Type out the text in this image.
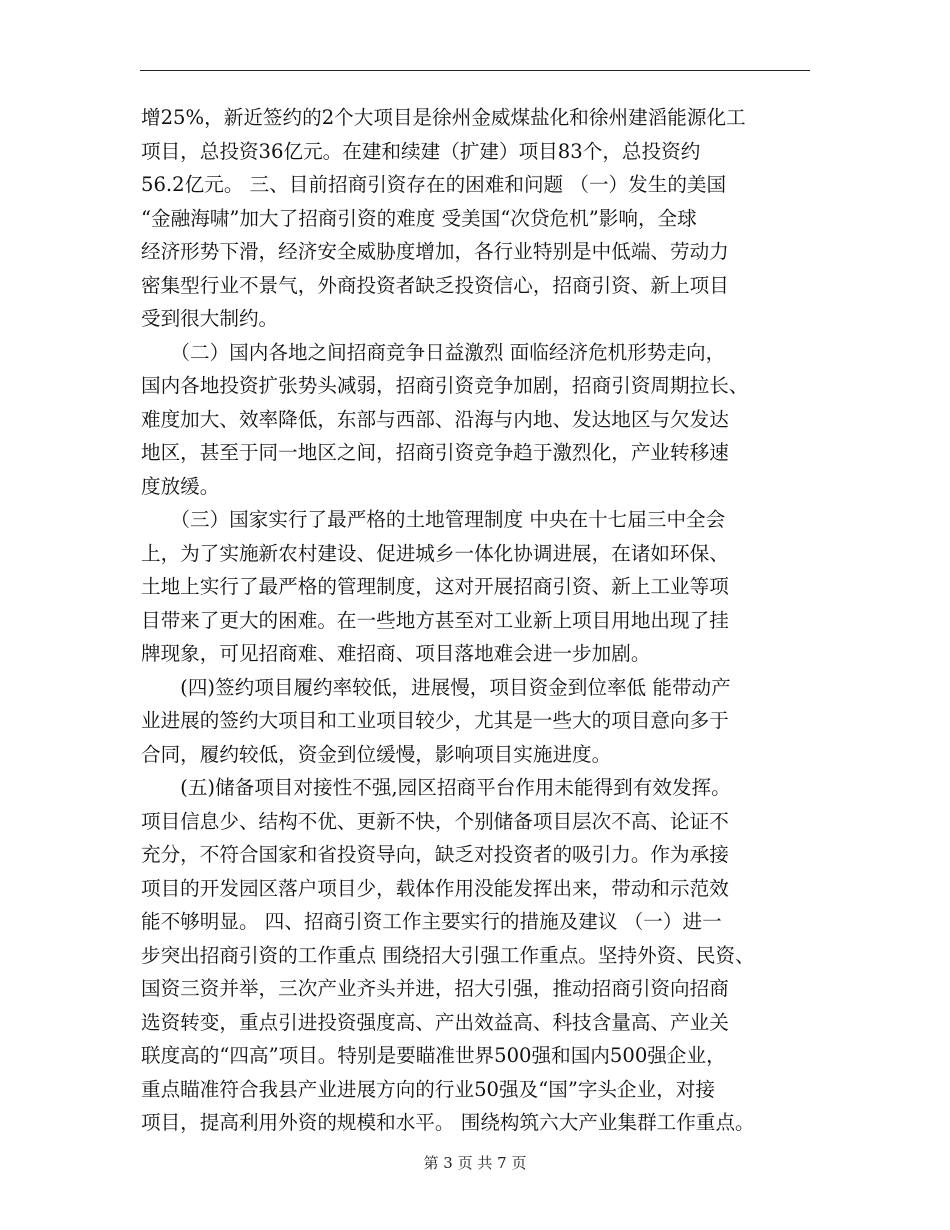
增25%，新近签约的2个大项目是徐州金威煤盐化和徐州建滔能源化工
项目，总投资36亿元。在建和续建（扩建）项目83个，总投资约
56.2亿元。 三、目前招商引资存在的困难和问题 （一）发生的美国
“金融海啸”加大了招商引资的难度 受美国“次贷危机”影响，全球
经济形势下滑，经济安全威胁度增加，各行业特别是中低端、劳动力
密集型行业不景气，外商投资者缺乏投资信心，招商引资、新上项目
受到很大制约。
　　（二）国内各地之间招商竞争日益激烈 面临经济危机形势走向，
国内各地投资扩张势头减弱，招商引资竞争加剧，招商引资周期拉长、
难度加大、效率降低，东部与西部、沿海与内地、发达地区与欠发达
地区，甚至于同一地区之间，招商引资竞争趋于激烈化，产业转移速
度放缓。
　　（三）国家实行了最严格的土地管理制度 中央在十七届三中全会
上，为了实施新农村建设、促进城乡一体化协调进展，在诸如环保、
土地上实行了最严格的管理制度，这对开展招商引资、新上工业等项
目带来了更大的困难。在一些地方甚至对工业新上项目用地出现了挂
牌现象，可见招商难、难招商、项目落地难会进一步加剧。
　　(四)签约项目履约率较低，进展慢，项目资金到位率低 能带动产
业进展的签约大项目和工业项目较少，尤其是一些大的项目意向多于
合同，履约较低，资金到位缓慢，影响项目实施进度。
　　(五)储备项目对接性不强,园区招商平台作用未能得到有效发挥。
项目信息少、结构不优、更新不快，个别储备项目层次不高、论证不
充分，不符合国家和省投资导向，缺乏对投资者的吸引力。作为承接
项目的开发园区落户项目少，载体作用没能发挥出来，带动和示范效
能不够明显。 四、招商引资工作主要实行的措施及建议 （一）进一
步突出招商引资的工作重点 围绕招大引强工作重点。坚持外资、民资、
国资三资并举，三次产业齐头并进，招大引强，推动招商引资向招商
选资转变，重点引进投资强度高、产出效益高、科技含量高、产业关
联度高的“四高”项目。特别是要瞄准世界500强和国内500强企业，
重点瞄准符合我县产业进展方向的行业50强及“国”字头企业，对接
项目，提高利用外资的规模和水平。 围绕构筑六大产业集群工作重点。
第 3 页 共 7 页
